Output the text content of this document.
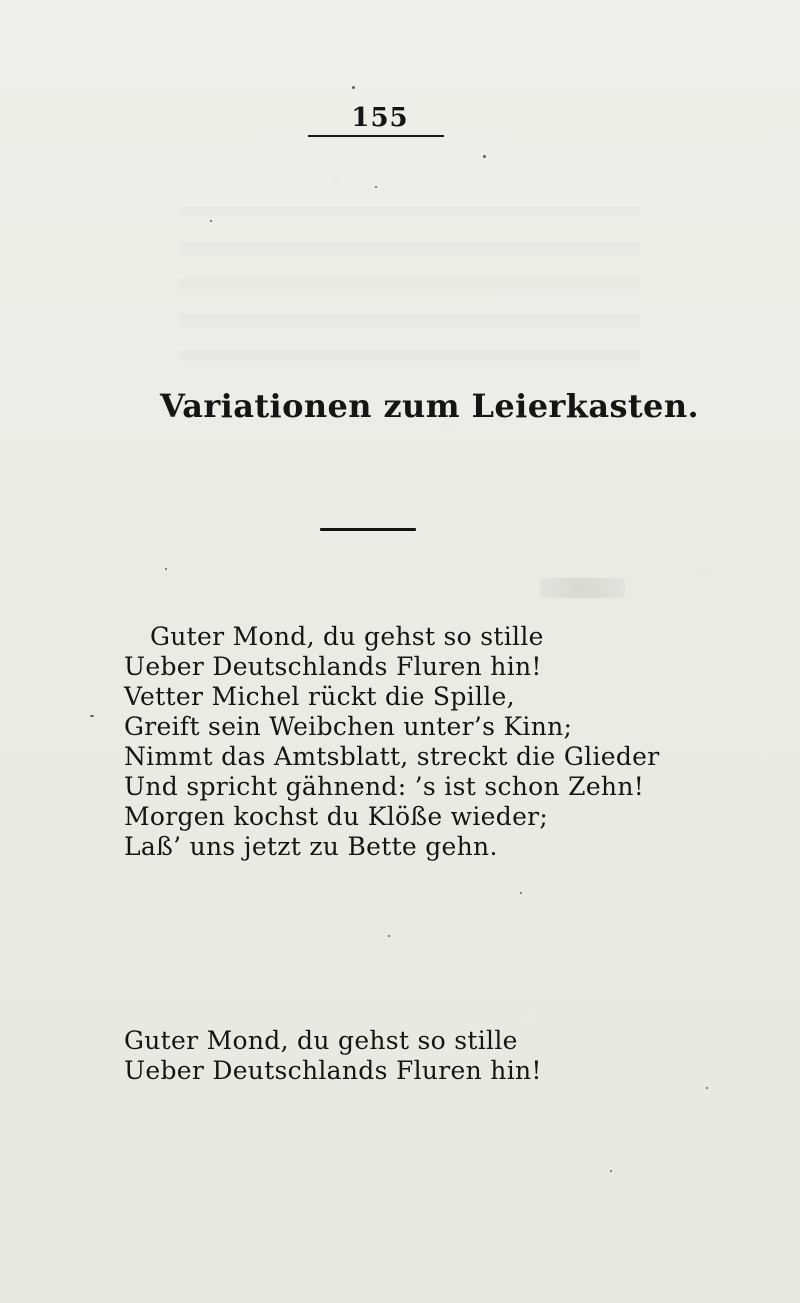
155
Variationen zum Leierkasten.
Guter Mond, du gehst so stille
Ueber Deutschlands Fluren hin!
Vetter Michel rückt die Spille,
Greift sein Weibchen unter’s Kinn;
Nimmt das Amtsblatt, streckt die Glieder
Und spricht gähnend: ’s ist schon Zehn!
Morgen kochst du Klöße wieder;
Laß’ uns jetzt zu Bette gehn.
Guter Mond, du gehst so stille
Ueber Deutschlands Fluren hin!
